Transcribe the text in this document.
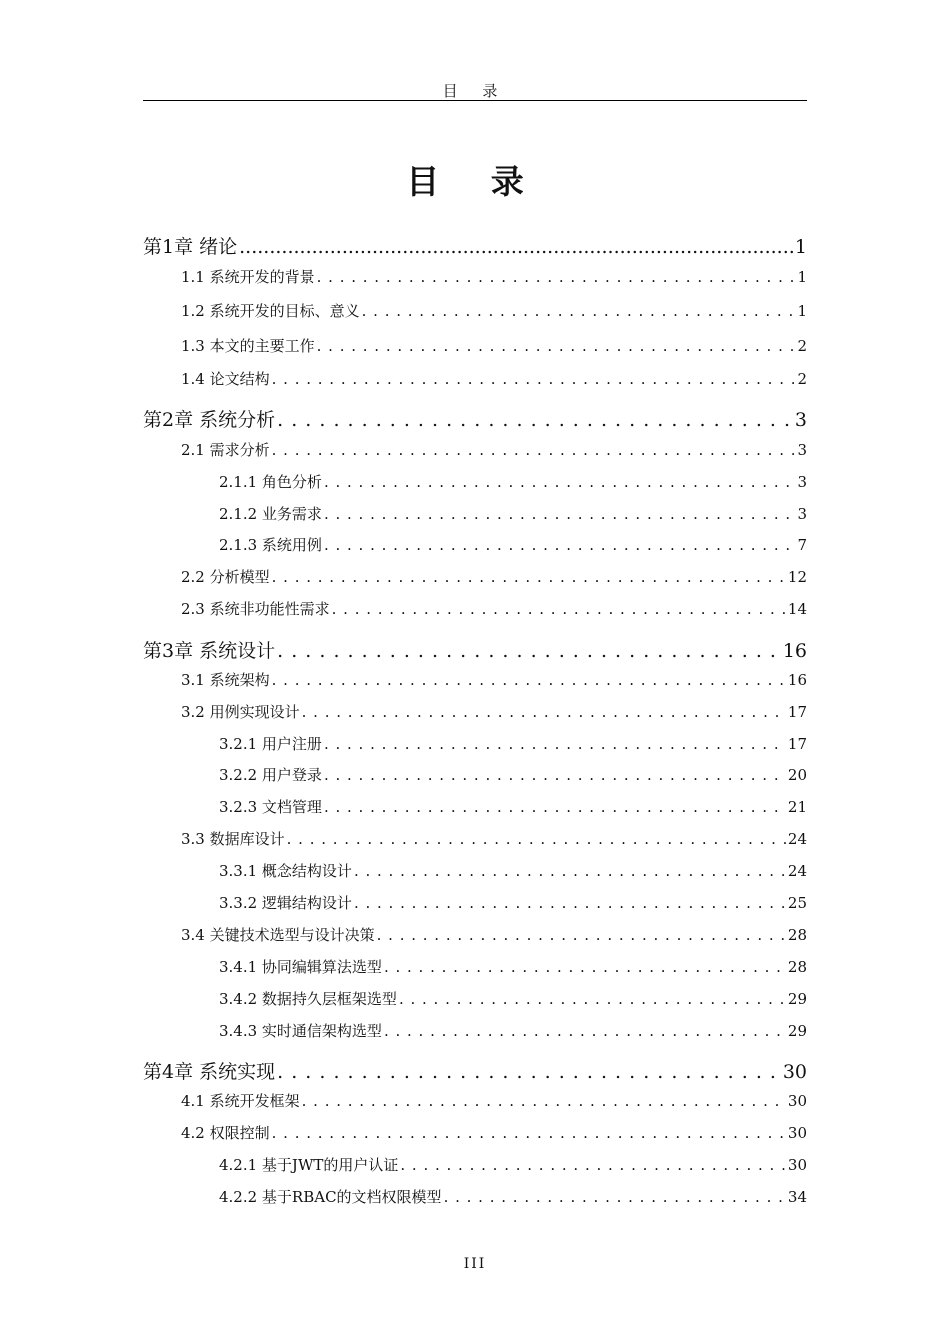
目 录
目 录
第1章 绪论 .....	1
1.1 系统开发的背景 . . .	1
1.2 系统开发的目标、意义 . . .	1
1.3 本文的主要工作 . . .	2
1.4 论文结构 . . .	2
第2章 系统分析 . . .	3
2.1 需求分析 . . .	3
2.1.1 角色分析 . . .	3
2.1.2 业务需求 . . .	3
2.1.3 系统用例 . . .	7
2.2 分析模型 . . .	12
2.3 系统非功能性需求 . . .	14
第3章 系统设计 . . .	16
3.1 系统架构 . . .	16
3.2 用例实现设计 . . .	17
3.2.1 用户注册 . . .	17
3.2.2 用户登录 . . .	20
3.2.3 文档管理 . . .	21
3.3 数据库设计 . . .	24
3.3.1 概念结构设计 . . .	24
3.3.2 逻辑结构设计 . . .	25
3.4 关键技术选型与设计决策 . . .	28
3.4.1 协同编辑算法选型 . . .	28
3.4.2 数据持久层框架选型 . . .	29
3.4.3 实时通信架构选型 . . .	29
第4章 系统实现 . . .	30
4.1 系统开发框架 . . .	30
4.2 权限控制 . . .	30
4.2.1 基于JWT的用户认证 . . .	30
4.2.2 基于RBAC的文档权限模型 . . .	34
III
